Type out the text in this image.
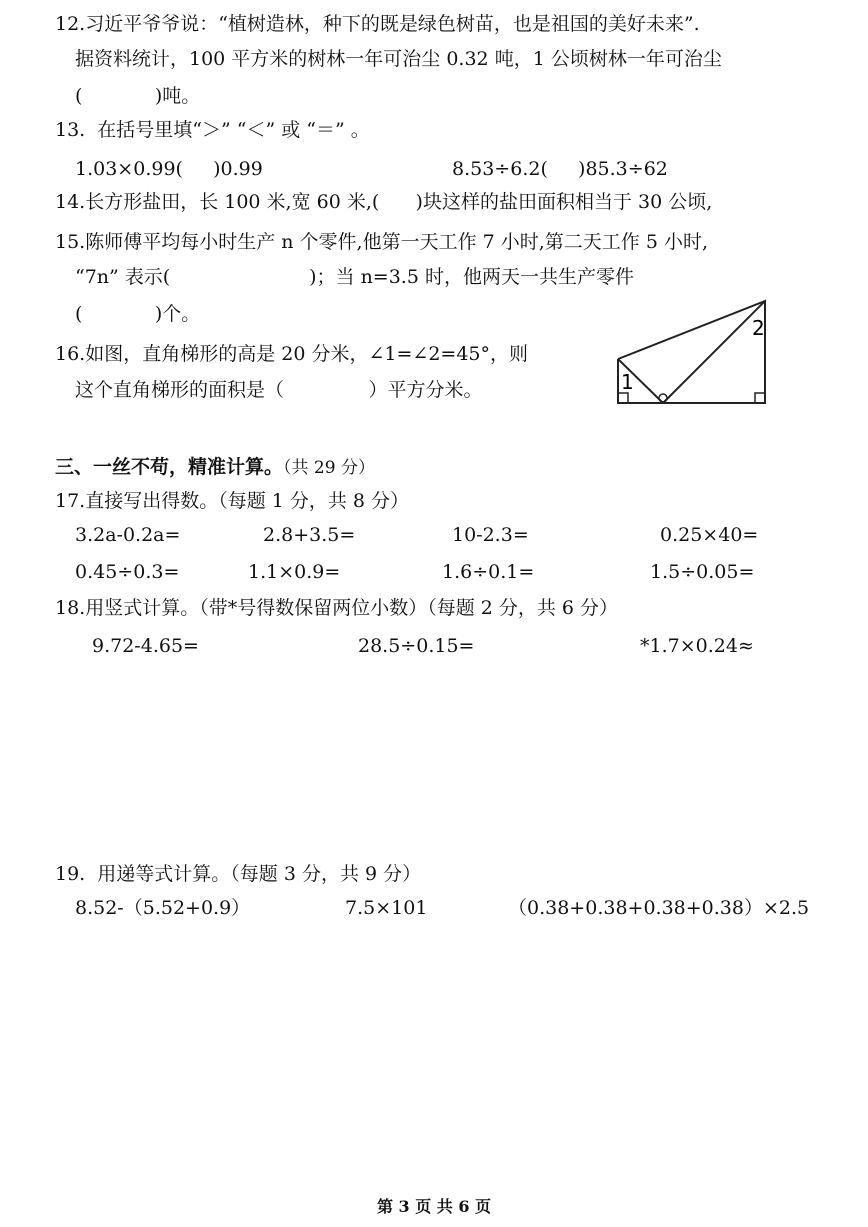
12.习近平爷爷说：“植树造林，种下的既是绿色树苗，也是祖国的美好未来”.
据资料统计，100 平方米的树林一年可治尘 0.32 吨，1 公顷树林一年可治尘
(            )吨。
13.  在括号里填“＞” “＜” 或 “＝” 。
1.03×0.99(     )0.99	8.53÷6.2(     )85.3÷62
14.长方形盐田，长 100 米,宽 60 米,(      )块这样的盐田面积相当于 30 公顷,
15.陈师傅平均每小时生产 n 个零件,他第一天工作 7 小时,第二天工作 5 小时,
“7n” 表示(                       )；当 n=3.5 时，他两天一共生产零件
(            )个。
16.如图，直角梯形的高是 20 分米，∠1=∠2=45°，则
这个直角梯形的面积是（              ）平方分米。	1
2
三、一丝不苟，精准计算。（共 29 分）
17.直接写出得数。（每题 1 分，共 8 分）
3.2a-0.2a=	2.8+3.5=	10-2.3=	0.25×40=
0.45÷0.3=	1.1×0.9=	1.6÷0.1=	1.5÷0.05=
18.用竖式计算。（带*号得数保留两位小数）（每题 2 分，共 6 分）
9.72-4.65=	28.5÷0.15=	*1.7×0.24≈
19.  用递等式计算。（每题 3 分，共 9 分）
8.52-（5.52+0.9）	7.5×101	（0.38+0.38+0.38+0.38）×2.5
第 3 页 共 6 页
